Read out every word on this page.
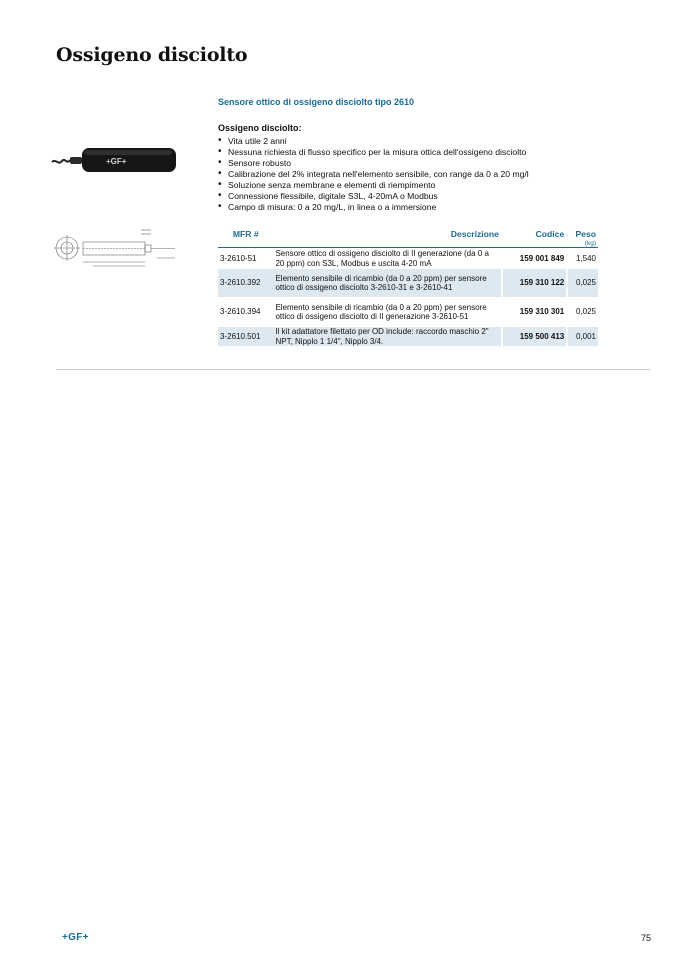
Ossigeno disciolto
Sensore ottico di ossigeno disciolto tipo 2610
+GF+
Ossigeno disciolto:
• Vita utile 2 anni
• Nessuna richiesta di flusso specifico per la misura ottica dell'ossigeno disciolto
• Sensore robusto
• Calibrazione del 2% integrata nell'elemento sensibile, con range da 0 a 20 mg/l
• Soluzione senza membrane e elementi di riempimento
• Connessione flessibile, digitale S3L, 4-20mA o Modbus
• Campo di misura: 0 a 20 mg/L, in linea o a immersione
MFR #	Descrizione	Codice	Peso
(kg)

3-2610-51	Sensore ottico di ossigeno disciolto di II generazione (da 0 a 20 ppm) con S3L, Modbus e uscita 4-20 mA	159 001 849	1,540
3-2610.392	Elemento sensibile di ricambio (da 0 a 20 ppm) per sensore ottico di ossigeno disciolto 3-2610-31 e 3-2610-41	159 310 122	0,025
3-2610.394	Elemento sensibile di ricambio (da 0 a 20 ppm) per sensore ottico di ossigeno disciolto di II generazione 3-2610-51	159 310 301	0,025
3-2610.501	Il kit adattatore filettato per OD include: raccordo maschio 2" NPT, Nipplo 1 1/4", Nipplo 3/4.	159 500 413	0,001
+GF+	75
